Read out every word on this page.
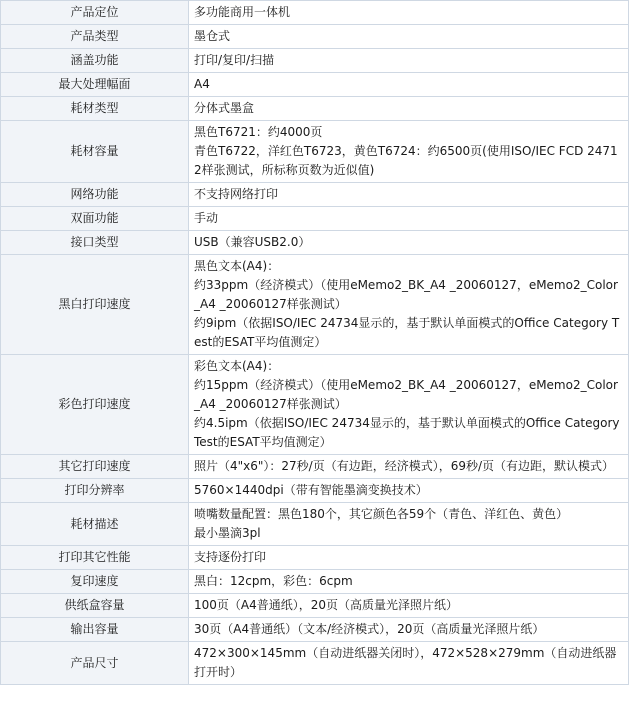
产品定位	多功能商用一体机

产品类型	墨仓式

涵盖功能	打印/复印/扫描

最大处理幅面	A4

耗材类型	分体式墨盒

耗材容量	黑色T6721：约4000页
青色T6722，洋红色T6723，黄色T6724：约6500页(使用ISO/IEC FCD 24712样张测试，所标称页数为近似值)

网络功能	不支持网络打印

双面功能	手动

接口类型	USB（兼容USB2.0）

黑白打印速度	黑色文本(A4)：
约33ppm（经济模式）（使用eMemo2_BK_A4 _20060127，eMemo2_Color_A4 _20060127样张测试）
约9ipm（依据ISO/IEC 24734显示的，基于默认单面模式的Office Category Test的ESAT平均值测定）

彩色打印速度	彩色文本(A4)：
约15ppm（经济模式）（使用eMemo2_BK_A4 _20060127，eMemo2_Color_A4 _20060127样张测试）
约4.5ipm（依据ISO/IEC 24734显示的，基于默认单面模式的Office Category Test的ESAT平均值测定）

其它打印速度	照片（4"x6"）：27秒/页（有边距，经济模式），69秒/页（有边距，默认模式）

打印分辨率	5760×1440dpi（带有智能墨滴变换技术）

耗材描述	喷嘴数量配置：黑色180个，其它颜色各59个（青色、洋红色、黄色）
最小墨滴3pl

打印其它性能	支持逐份打印

复印速度	黑白：12cpm，彩色：6cpm

供纸盒容量	100页（A4普通纸），20页（高质量光泽照片纸）

输出容量	30页（A4普通纸）（文本/经济模式），20页（高质量光泽照片纸）

产品尺寸	472×300×145mm（自动进纸器关闭时），472×528×279mm（自动进纸器打开时）
